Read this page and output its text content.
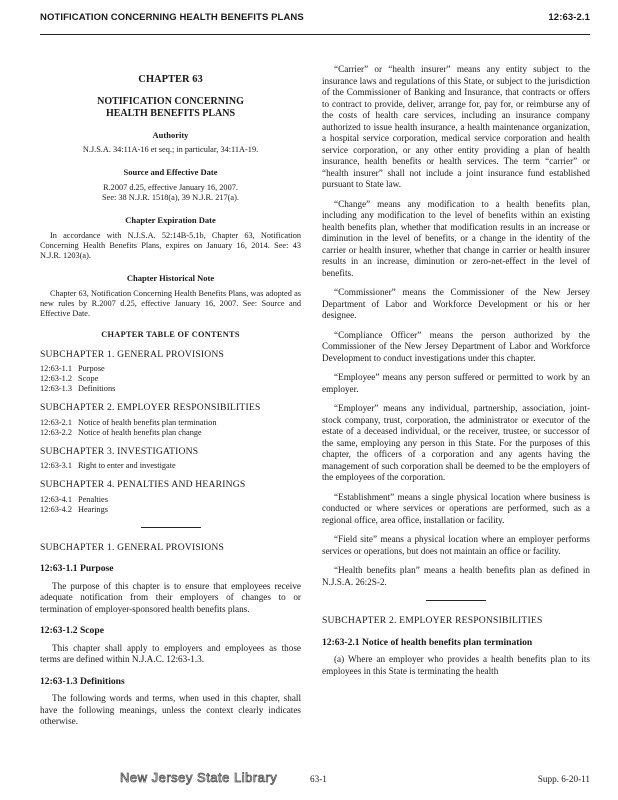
NOTIFICATION CONCERNING HEALTH BENEFITS PLANS	12:63-2.1
CHAPTER 63
NOTIFICATION CONCERNING
HEALTH BENEFITS PLANS
Authority
N.J.S.A. 34:11A-16 et seq.; in particular, 34:11A-19.
Source and Effective Date
R.2007 d.25, effective January 16, 2007.
See: 38 N.J.R. 1518(a), 39 N.J.R. 217(a).
Chapter Expiration Date
In accordance with N.J.S.A. 52:14B-5.1b, Chapter 63, Notification Concerning Health Benefits Plans, expires on January 16, 2014. See: 43 N.J.R. 1203(a).
Chapter Historical Note
Chapter 63, Notification Concerning Health Benefits Plans, was adopted as new rules by R.2007 d.25, effective January 16, 2007. See: Source and Effective Date.
CHAPTER TABLE OF CONTENTS
SUBCHAPTER 1. GENERAL PROVISIONS
12:63-1.1 Purpose
12:63-1.2 Scope
12:63-1.3 Definitions
SUBCHAPTER 2. EMPLOYER RESPONSIBILITIES
12:63-2.1 Notice of health benefits plan termination
12:63-2.2 Notice of health benefits plan change
SUBCHAPTER 3. INVESTIGATIONS
12:63-3.1 Right to enter and investigate
SUBCHAPTER 4. PENALTIES AND HEARINGS
12:63-4.1 Penalties
12:63-4.2 Hearings
SUBCHAPTER 1. GENERAL PROVISIONS
12:63-1.1 Purpose

The purpose of this chapter is to ensure that employees receive adequate notification from their employers of changes to or termination of employer-sponsored health benefits plans.

12:63-1.2 Scope

This chapter shall apply to employers and employees as those terms are defined within N.J.A.C. 12:63-1.3.

12:63-1.3 Definitions

The following words and terms, when used in this chapter, shall have the following meanings, unless the context clearly indicates otherwise.

“Carrier” or “health insurer” means any entity subject to the insurance laws and regulations of this State, or subject to the jurisdiction of the Commissioner of Banking and Insurance, that contracts or offers to contract to provide, deliver, arrange for, pay for, or reimburse any of the costs of health care services, including an insurance company authorized to issue health insurance, a health maintenance organization, a hospital service corporation, medical service corporation and health service corporation, or any other entity providing a plan of health insurance, health benefits or health services. The term “carrier” or “health insurer” shall not include a joint insurance fund established pursuant to State law.

“Change” means any modification to a health benefits plan, including any modification to the level of benefits within an existing health benefits plan, whether that modification results in an increase or diminution in the level of benefits, or a change in the identity of the carrier or health insurer, whether that change in carrier or health insurer results in an increase, diminution or zero-net-effect in the level of benefits.

“Commissioner” means the Commissioner of the New Jersey Department of Labor and Workforce Development or his or her designee.

“Compliance Officer” means the person authorized by the Commissioner of the New Jersey Department of Labor and Workforce Development to conduct investigations under this chapter.

“Employee” means any person suffered or permitted to work by an employer.

“Employer” means any individual, partnership, association, joint-stock company, trust, corporation, the administrator or executor of the estate of a deceased individual, or the receiver, trustee, or successor of the same, employing any person in this State. For the purposes of this chapter, the officers of a corporation and any agents having the management of such corporation shall be deemed to be the employers of the employees of the corporation.

“Establishment” means a single physical location where business is conducted or where services or operations are performed, such as a regional office, area office, installation or facility.

“Field site” means a physical location where an employer performs services or operations, but does not maintain an office or facility.

“Health benefits plan” means a health benefits plan as defined in N.J.S.A. 26:2S-2.

SUBCHAPTER 2. EMPLOYER RESPONSIBILITIES
12:63-2.1 Notice of health benefits plan termination

(a) Where an employer who provides a health benefits plan to its employees in this State is terminating the health

New Jersey State Library	63-1	Supp. 6-20-11
